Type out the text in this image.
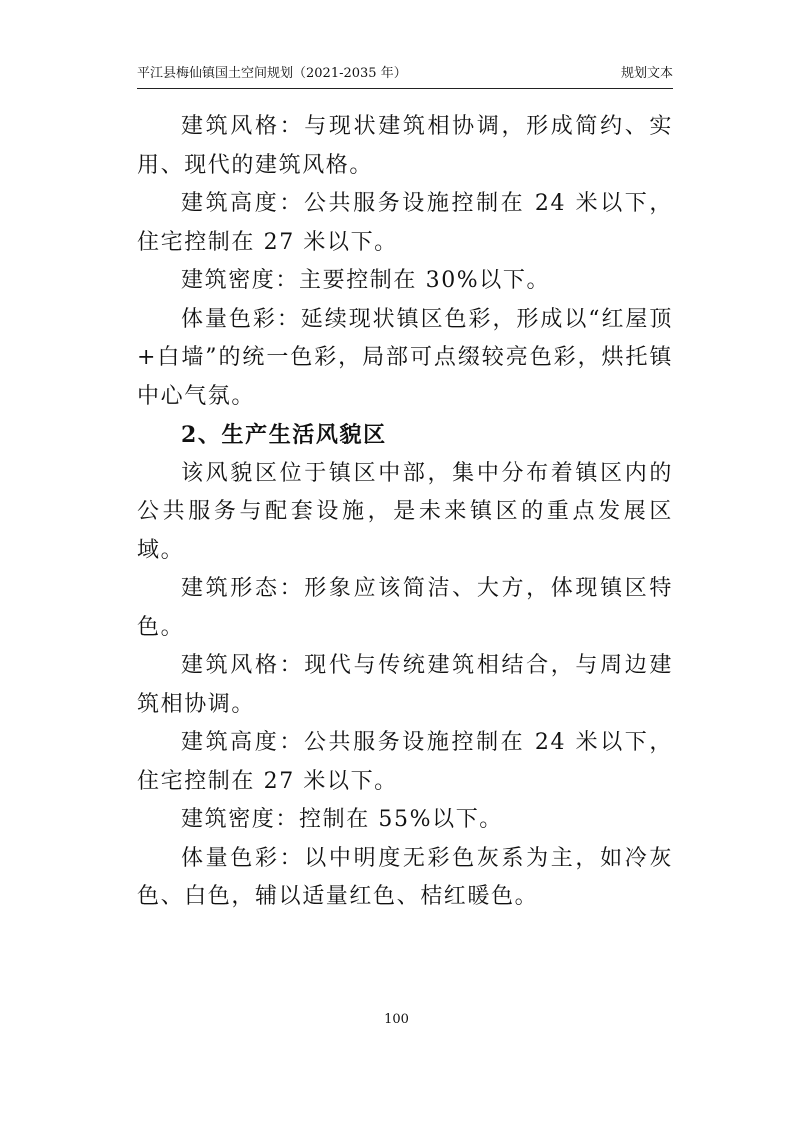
平江县梅仙镇国土空间规划（2021-2035 年）	规划文本

建筑风格：与现状建筑相协调，形成简约、实用、现代的建筑风格。

建筑高度：公共服务设施控制在 24 米以下，住宅控制在 27 米以下。

建筑密度：主要控制在 30%以下。

体量色彩：延续现状镇区色彩，形成以“红屋顶+白墙”的统一色彩，局部可点缀较亮色彩，烘托镇中心气氛。

2、生产生活风貌区

该风貌区位于镇区中部，集中分布着镇区内的公共服务与配套设施，是未来镇区的重点发展区域。

建筑形态：形象应该简洁、大方，体现镇区特色。

建筑风格：现代与传统建筑相结合，与周边建筑相协调。

建筑高度：公共服务设施控制在 24 米以下，住宅控制在 27 米以下。

建筑密度：控制在 55%以下。

体量色彩：以中明度无彩色灰系为主，如冷灰色、白色，辅以适量红色、桔红暖色。

100
